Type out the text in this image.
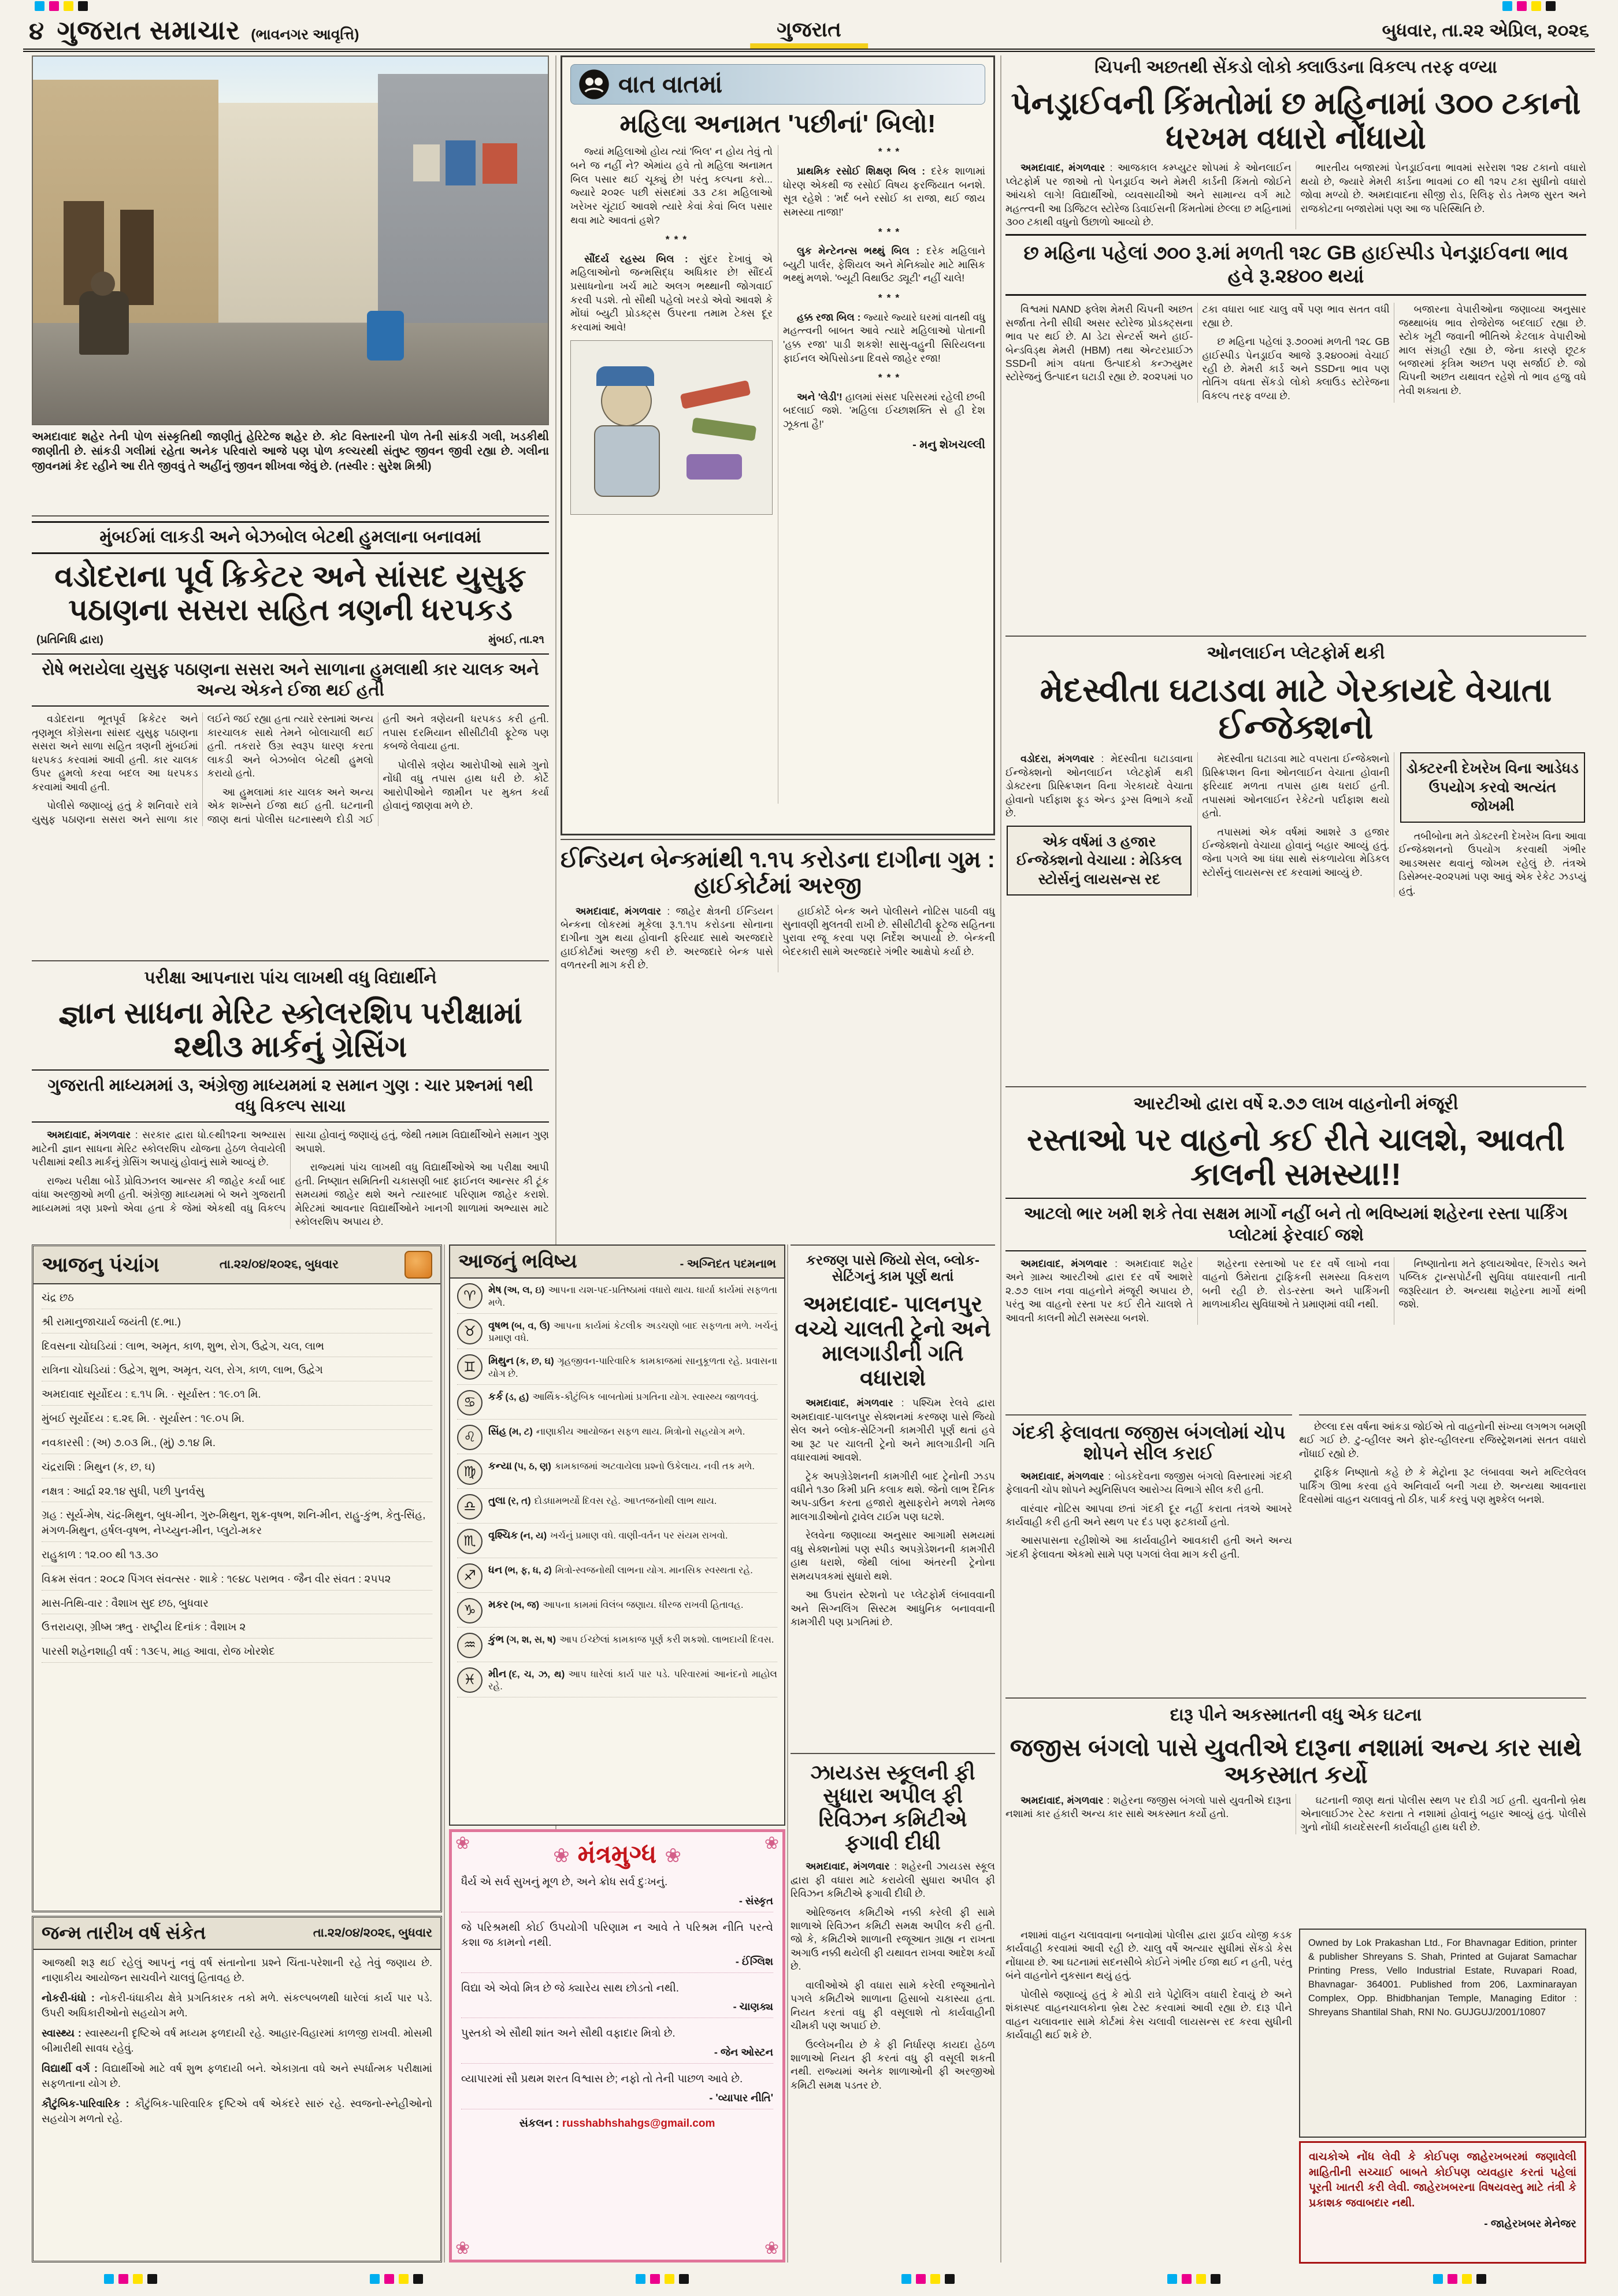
૪ ગુજરાત સમાચાર (ભાવનગર આવૃત્તિ)	ગુજરાત	બુધવાર, તા.૨૨ એપ્રિલ, ૨૦૨૬
અમદાવાદ શહેર તેની પોળ સંસ્કૃતિથી જાણીતું હેરિટેજ શહેર છે. કોટ વિસ્તારની પોળ તેની સાંકડી ગલી, ખડકીથી જાણીતી છે. સાંકડી ગલીમાં રહેતા અનેક પરિવારો આજે પણ પોળ કલ્ચરથી સંતુષ્ટ જીવન જીવી રહ્યા છે. ગલીના જીવનમાં કેદ રહીને આ રીતે જીવવું તે અહીંનું જીવન શીખવા જેવું છે. (તસ્વીર : સુરેશ મિશ્રી)
વાત વાતમાં
મહિલા અનામત 'પછીનાં' બિલો!

જ્યાં મહિલાઓ હોય ત્યાં 'બિલ' ન હોય તેવું તો બને જ નહીં ને? એમાંય હવે તો મહિલા અનામત બિલ પસાર થઈ ચૂક્યું છે! પરંતુ કલ્પના કરો... જ્યારે ૨૦૨૯ પછી સંસદમાં ૩૩ ટકા મહિલાઓ ખરેખર ચૂંટાઈ આવશે ત્યારે કેવાં કેવાં બિલ પસાર થવા માટે આવતાં હશે?

***

સૌંદર્ય રહસ્ય બિલ : સુંદર દેખાવું એ મહિલાઓનો જન્મસિદ્ધ અધિકાર છે! સૌંદર્ય પ્રસાધનોના ખર્ચ માટે અલગ ભથ્થાની જોગવાઈ કરવી પડશે. તો સૌથી પહેલો ખરડો એવો આવશે કે મોંઘાં બ્યુટી પ્રોડક્ટ્સ ઉપરના તમામ ટેક્સ દૂર કરવામાં આવે!

***

પ્રાથમિક રસોઈ શિક્ષણ બિલ : દરેક શાળામાં ધોરણ એકથી જ રસોઈ વિષય ફરજિયાત બનશે. સૂત્ર રહેશે : 'મર્દ બને રસોઈ કા રાજા, થઈ જાય સમસ્યા તાજા!'

***

લુક મેન્ટેનન્સ ભથ્થું બિલ : દરેક મહિલાને બ્યુટી પાર્લર, ફેશિયલ અને મેનિક્યોર માટે માસિક ભથ્થું મળશે. 'બ્યૂટી વિથાઉટ ડ્યૂટી' નહીં ચાલે!

***

હક્ક રજા બિલ : જ્યારે જ્યારે ઘરમાં વાતથી વધુ મહત્ત્વની બાબત આવે ત્યારે મહિલાઓ પોતાની 'હક્ક રજા' પાડી શકશે! સાસુ-વહુની સિરિયલના ફાઈનલ એપિસોડના દિવસે જાહેર રજા!

***

અને 'લેડી'! હાલમાં સંસદ પરિસરમાં રહેલી છબી બદલાઈ જશે. 'મહિલા ઈચ્છાશક્તિ સે હી દેશ ઝૂકતા હૈ!'

- મનુ શેખચલ્લી

ચિપની અછતથી સેંકડો લોકો ક્લાઉડના વિકલ્પ તરફ વળ્યા
પેનડ્રાઈવની કિંમતોમાં છ મહિનામાં ૩૦૦ ટકાનો ધરખમ વધારો નોંધાયો

અમદાવાદ, મંગળવાર : આજકાલ કમ્પ્યુટર શોપમાં કે ઓનલાઈન પ્લેટફોર્મ પર જાઓ તો પેનડ્રાઈવ અને મેમરી કાર્ડની કિંમતો જોઈને આંચકો લાગે! વિદ્યાર્થીઓ, વ્યવસાયીઓ અને સામાન્ય વર્ગ માટે મહત્ત્વની આ ડિજિટલ સ્ટોરેજ ડિવાઈસની કિંમતોમાં છેલ્લા છ મહિનામાં ૩૦૦ ટકાથી વધુનો ઉછાળો આવ્યો છે.

ભારતીય બજારમાં પેનડ્રાઈવના ભાવમાં સરેરાશ ૧૨૪ ટકાનો વધારો થયો છે, જ્યારે મેમરી કાર્ડના ભાવમાં ૮૦ થી ૧૨૫ ટકા સુધીનો વધારો જોવા મળ્યો છે. અમદાવાદના સીજી રોડ, રિલિફ રોડ તેમજ સુરત અને રાજકોટના બજારોમાં પણ આ જ પરિસ્થિતિ છે.

છ મહિના પહેલાં ૭૦૦ રૂ.માં મળતી ૧૨૮ GB હાઈસ્પીડ પેનડ્રાઈવના ભાવ હવે રૂ.૨૪૦૦ થયાં

વિશ્વમાં NAND ફ્લેશ મેમરી ચિપની અછત સર્જાતા તેની સીધી અસર સ્ટોરેજ પ્રોડક્ટ્સના ભાવ પર થઈ છે. AI ડેટા સેન્ટર્સ અને હાઈ-બેન્ડવિડ્થ મેમરી (HBM) તથા એન્ટરપ્રાઈઝ SSDની માંગ વધતા ઉત્પાદકો કન્ઝ્યુમર સ્ટોરેજનું ઉત્પાદન ઘટાડી રહ્યા છે. ૨૦૨૫માં ૫૦ ટકા વધારા બાદ ચાલુ વર્ષે પણ ભાવ સતત વધી રહ્યા છે.

છ મહિના પહેલાં રૂ.૭૦૦માં મળતી ૧૨૮ GB હાઈસ્પીડ પેનડ્રાઈવ આજે રૂ.૨૪૦૦માં વેચાઈ રહી છે. મેમરી કાર્ડ અને SSDના ભાવ પણ તોતિંગ વધતા સેંકડો લોકો ક્લાઉડ સ્ટોરેજના વિકલ્પ તરફ વળ્યા છે.

બજારના વેપારીઓના જણાવ્યા અનુસાર જથ્થાબંધ ભાવ રોજેરોજ બદલાઈ રહ્યા છે. સ્ટોક ખૂટી જવાની ભીતિએ કેટલાક વેપારીઓ માલ સંગ્રહી રહ્યા છે, જેના કારણે છૂટક બજારમાં કૃત્રિમ અછત પણ સર્જાઈ છે. જો ચિપની અછત યથાવત રહેશે તો ભાવ હજુ વધે તેવી શક્યતા છે.

મુંબઈમાં લાકડી અને બેઝબોલ બેટથી હુમલાના બનાવમાં
વડોદરાના પૂર્વ ક્રિકેટર અને સાંસદ યુસુફ પઠાણના સસરા સહિત ત્રણની ધરપકડ
(પ્રતિનિધિ દ્વારા)	મુંબઈ, તા.૨૧
રોષે ભરાયેલા યુસુફ પઠાણના સસરા અને સાળાના હુમલાથી કાર ચાલક અને અન્ય એકને ઈજા થઈ હતી

વડોદરાના ભૂતપૂર્વ ક્રિકેટર અને તૃણમૂલ કોંગ્રેસના સાંસદ યુસુફ પઠાણના સસરા અને સાળા સહિત ત્રણની મુંબઈમાં ધરપકડ કરવામાં આવી હતી. કાર ચાલક ઉપર હુમલો કરવા બદલ આ ધરપકડ કરવામાં આવી હતી.

પોલીસે જણાવ્યું હતું કે શનિવારે રાત્રે યુસુફ પઠાણના સસરા અને સાળા કાર લઈને જઈ રહ્યા હતા ત્યારે રસ્તામાં અન્ય કારચાલક સાથે તેમને બોલાચાલી થઈ હતી. તકરારે ઉગ્ર સ્વરૂપ ધારણ કરતા લાકડી અને બેઝબોલ બેટથી હુમલો કરાયો હતો.

આ હુમલામાં કાર ચાલક અને અન્ય એક શખ્સને ઈજા થઈ હતી. ઘટનાની જાણ થતાં પોલીસ ઘટનાસ્થળે દોડી ગઈ હતી અને ત્રણેયની ધરપકડ કરી હતી. તપાસ દરમિયાન સીસીટીવી ફૂટેજ પણ કબજે લેવાયા હતા.

પોલીસે ત્રણેય આરોપીઓ સામે ગુનો નોંધી વધુ તપાસ હાથ ધરી છે. કોર્ટે આરોપીઓને જામીન પર મુક્ત કર્યા હોવાનું જાણવા મળે છે.

ઓનલાઈન પ્લેટફોર્મ થકી
મેદસ્વીતા ઘટાડવા માટે ગેરકાયદે વેચાતા ઈન્જેક્શનો

વડોદરા, મંગળવાર : મેદસ્વીતા ઘટાડવાના ઈન્જેક્શનો ઓનલાઈન પ્લેટફોર્મ થકી ડોક્ટરના પ્રિસ્ક્રિપ્શન વિના ગેરકાયદે વેચાતા હોવાનો પર્દાફાશ ફૂડ એન્ડ ડ્રગ્સ વિભાગે કર્યો છે.

એક વર્ષમાં ૩ હજાર ઈન્જેક્શનો વેચાયા : મેડિકલ સ્ટોર્સનું લાયસન્સ રદ

મેદસ્વીતા ઘટાડવા માટે વપરાતા ઈન્જેક્શનો પ્રિસ્ક્રિપ્શન વિના ઓનલાઈન વેચાતા હોવાની ફરિયાદ મળતા તપાસ હાથ ધરાઈ હતી. તપાસમાં ઓનલાઈન રેકેટનો પર્દાફાશ થયો હતો.

તપાસમાં એક વર્ષમાં આશરે ૩ હજાર ઈન્જેક્શનો વેચાયા હોવાનું બહાર આવ્યું હતું. જેના પગલે આ ધંધા સાથે સંકળાયેલા મેડિકલ સ્ટોર્સનું લાયસન્સ રદ કરવામાં આવ્યું છે.

ડોક્ટરની દેખરેખ વિના આડેધડ ઉપયોગ કરવો અત્યંત જોખમી

તબીબોના મતે ડોક્ટરની દેખરેખ વિના આવા ઈન્જેક્શનનો ઉપયોગ કરવાથી ગંભીર આડઅસર થવાનું જોખમ રહેલું છે. તંત્રએ ડિસેમ્બર-૨૦૨૫માં પણ આવું એક રેકેટ ઝડપ્યું હતું.

ઈન્ડિયન બેન્કમાંથી ૧.૧૫ કરોડના દાગીના ગુમ : હાઈકોર્ટમાં અરજી

અમદાવાદ, મંગળવાર : જાહેર ક્ષેત્રની ઈન્ડિયન બેન્કના લોકરમાં મૂકેલા રૂ.૧.૧૫ કરોડના સોનાના દાગીના ગુમ થયા હોવાની ફરિયાદ સાથે અરજદારે હાઈકોર્ટમાં અરજી કરી છે. અરજદારે બેન્ક પાસે વળતરની માગ કરી છે.

હાઈકોર્ટે બેન્ક અને પોલીસને નોટિસ પાઠવી વધુ સુનાવણી મુલતવી રાખી છે. સીસીટીવી ફૂટેજ સહિતના પુરાવા રજૂ કરવા પણ નિર્દેશ અપાયો છે. બેન્કની બેદરકારી સામે અરજદારે ગંભીર આક્ષેપો કર્યા છે.

પરીક્ષા આપનારા પાંચ લાખથી વધુ વિદ્યાર્થીને
જ્ઞાન સાધના મેરિટ સ્કોલરશિપ પરીક્ષામાં ૨થી૩ માર્કનું ગ્રેસિંગ
ગુજરાતી માધ્યમમાં ૩, અંગ્રેજી માધ્યમમાં ૨ સમાન ગુણ : ચાર પ્રશ્નમાં ૧થી વધુ વિકલ્પ સાચા

અમદાવાદ, મંગળવાર : સરકાર દ્વારા ધો.૯થી૧૨ના અભ્યાસ માટેની જ્ઞાન સાધના મેરિટ સ્કોલરશિપ યોજના હેઠળ લેવાયેલી પરીક્ષામાં ૨થી૩ માર્કનું ગ્રેસિંગ અપાયું હોવાનું સામે આવ્યું છે.

રાજ્ય પરીક્ષા બોર્ડે પ્રોવિઝનલ આન્સર કી જાહેર કર્યા બાદ વાંધા અરજીઓ મળી હતી. અંગ્રેજી માધ્યમમાં બે અને ગુજરાતી માધ્યમમાં ત્રણ પ્રશ્નો એવા હતા કે જેમાં એકથી વધુ વિકલ્પ સાચા હોવાનું જણાયું હતું, જેથી તમામ વિદ્યાર્થીઓને સમાન ગુણ અપાશે.

રાજ્યમાં પાંચ લાખથી વધુ વિદ્યાર્થીઓએ આ પરીક્ષા આપી હતી. નિષ્ણાત સમિતિની ચકાસણી બાદ ફાઈનલ આન્સર કી ટૂંક સમયમાં જાહેર થશે અને ત્યારબાદ પરિણામ જાહેર કરાશે. મેરિટમાં આવનાર વિદ્યાર્થીઓને ખાનગી શાળામાં અભ્યાસ માટે સ્કોલરશિપ અપાય છે.

આરટીઓ દ્વારા વર્ષે ૨.૭૭ લાખ વાહનોની મંજૂરી
રસ્તાઓ પર વાહનો કઈ રીતે ચાલશે, આવતી કાલની સમસ્યા!!
આટલો ભાર ખમી શકે તેવા સક્ષમ માર્ગો નહીં બને તો ભવિષ્યમાં શહેરના રસ્તા પાર્કિંગ પ્લોટમાં ફેરવાઈ જશે

અમદાવાદ, મંગળવાર : અમદાવાદ શહેર અને ગ્રામ્ય આરટીઓ દ્વારા દર વર્ષે આશરે ૨.૭૭ લાખ નવા વાહનોને મંજૂરી અપાય છે, પરંતુ આ વાહનો રસ્તા પર કઈ રીતે ચાલશે તે આવતી કાલની મોટી સમસ્યા બનશે.

શહેરના રસ્તાઓ પર દર વર્ષે લાખો નવા વાહનો ઉમેરાતા ટ્રાફિકની સમસ્યા વિકરાળ બની રહી છે. રોડ-રસ્તા અને પાર્કિંગની માળખાકીય સુવિધાઓ તે પ્રમાણમાં વધી નથી.

નિષ્ણાતોના મતે ફ્લાયઓવર, રિંગરોડ અને પબ્લિક ટ્રાન્સપોર્ટની સુવિધા વધારવાની તાતી જરૂરિયાત છે. અન્યથા શહેરના માર્ગો થંભી જશે.

ગંદકી ફેલાવતા જજીસ બંગલોમાં ચોપ શોપને સીલ કરાઈ

અમદાવાદ, મંગળવાર : બોડકદેવના જજીસ બંગલો વિસ્તારમાં ગંદકી ફેલાવતી ચોપ શોપને મ્યુનિસિપલ આરોગ્ય વિભાગે સીલ કરી હતી.

વારંવાર નોટિસ આપવા છતાં ગંદકી દૂર નહીં કરાતા તંત્રએ આખરે કાર્યવાહી કરી હતી અને સ્થળ પર દંડ પણ ફટકાર્યો હતો.

આસપાસના રહીશોએ આ કાર્યવાહીને આવકારી હતી અને અન્ય ગંદકી ફેલાવતા એકમો સામે પણ પગલાં લેવા માગ કરી હતી.

છેલ્લા દસ વર્ષના આંકડા જોઈએ તો વાહનોની સંખ્યા લગભગ બમણી થઈ ગઈ છે. ટુ-વ્હીલર અને ફોર-વ્હીલરના રજિસ્ટ્રેશનમાં સતત વધારો નોંધાઈ રહ્યો છે.

ટ્રાફિક નિષ્ણાતો કહે છે કે મેટ્રોના રૂટ લંબાવવા અને મલ્ટિલેવલ પાર્કિંગ ઊભા કરવા હવે અનિવાર્ય બની ગયા છે. અન્યથા આવનારા દિવસોમાં વાહન ચલાવવું તો ઠીક, પાર્ક કરવું પણ મુશ્કેલ બનશે.

આજનુ પંચાંગ	તા.૨૨/૦૪/૨૦૨૬, બુધવાર
ચંદ્ર છઠ
શ્રી રામાનુજાચાર્ય જયંતી (દ.ભા.)
દિવસના ચોઘડિયાં : લાભ, અમૃત, કાળ, શુભ, રોગ, ઉદ્વેગ, ચલ, લાભ
રાત્રિના ચોઘડિયાં : ઉદ્વેગ, શુભ, અમૃત, ચલ, રોગ, કાળ, લાભ, ઉદ્વેગ
અમદાવાદ સૂર્યોદય : ૬.૧૫ મિ. · સૂર્યાસ્ત : ૧૯.૦૧ મિ.
મુંબઈ સૂર્યોદય : ૬.૨૬ મિ. · સૂર્યાસ્ત : ૧૯.૦૫ મિ.
નવકારસી : (અ) ૭.૦૩ મિ., (મું) ૭.૧૪ મિ.
ચંદ્રરાશિ : મિથુન (ક, છ, ઘ)
નક્ષત્ર : આર્દ્રા ૨૨.૧૪ સુધી, પછી પુનર્વસુ
ગ્રહ : સૂર્ય-મેષ, ચંદ્ર-મિથુન, બુધ-મીન, ગુરુ-મિથુન, શુક્ર-વૃષભ, શનિ-મીન, રાહુ-કુંભ, કેતુ-સિંહ, મંગળ-મિથુન, હર્ષલ-વૃષભ, નેપ્ચ્યુન-મીન, પ્લુટો-મકર
રાહુકાળ : ૧૨.૦૦ થી ૧૩.૩૦
વિક્રમ સંવત : ૨૦૮૨ પિંગલ સંવત્સર · શાકે : ૧૯૪૮ પરાભવ · જૈન વીર સંવત : ૨૫૫૨
માસ-તિથિ-વાર : વૈશાખ સુદ છઠ, બુધવાર
ઉત્તરાયણ, ગ્રીષ્મ ઋતુ · રાષ્ટ્રીય દિનાંક : વૈશાખ ૨
પારસી શહેનશાહી વર્ષ : ૧૩૯૫, માહ આવા, રોજ ખોરશેદ
જન્મ તારીખ વર્ષ સંકેત	તા.૨૨/૦૪/૨૦૨૬, બુધવાર

આજથી શરૂ થઈ રહેલું આપનું નવું વર્ષ સંતાનોના પ્રશ્ને ચિંતા-પરેશાની રહે તેવું જણાય છે. નાણાકીય આયોજન સાચવીને ચાલવું હિતાવહ છે.

નોકરી-ધંધો : નોકરી-ધંધાકીય ક્ષેત્રે પ્રગતિકારક તકો મળે. સંકલ્પબળથી ધારેલાં કાર્ય પાર પડે. ઉપરી અધિકારીઓનો સહયોગ મળે.

સ્વાસ્થ્ય : સ્વાસ્થ્યની દૃષ્ટિએ વર્ષ મધ્યમ ફળદાયી રહે. આહાર-વિહારમાં કાળજી રાખવી. મોસમી બીમારીથી સાવધ રહેવું.

વિદ્યાર્થી વર્ગ : વિદ્યાર્થીઓ માટે વર્ષ શુભ ફળદાયી બને. એકાગ્રતા વધે અને સ્પર્ધાત્મક પરીક્ષામાં સફળતાના યોગ છે.

કૌટુંબિક-પારિવારિક : કૌટુંબિક-પારિવારિક દૃષ્ટિએ વર્ષ એકંદરે સારું રહે. સ્વજનો-સ્નેહીઓનો સહયોગ મળતો રહે.

આજનું ભવિષ્ય	- અગ્નિદત પદમનાભ
♈	મેષ (અ, લ, ઇ) આપના યશ-પદ-પ્રતિષ્ઠામાં વધારો થાય. ધાર્યા કાર્યમાં સફળતા મળે.
♉	વૃષભ (બ, વ, ઉ) આપના કાર્યમાં કેટલીક અડચણો બાદ સફળતા મળે. ખર્ચનું પ્રમાણ વધે.
♊	મિથુન (ક, છ, ઘ) ગૃહજીવન-પારિવારિક કામકાજમાં સાનુકૂળતા રહે. પ્રવાસના યોગ છે.
♋	કર્ક (ડ, હ) આર્થિક-કૌટુંબિક બાબતોમાં પ્રગતિના યોગ. સ્વાસ્થ્ય જાળવવું.
♌	સિંહ (મ, ટ) નાણાકીય આયોજન સફળ થાય. મિત્રોનો સહયોગ મળે.
♍	કન્યા (પ, ઠ, ણ) કામકાજમાં અટવાયેલા પ્રશ્નો ઉકેલાય. નવી તક મળે.
♎	તુલા (ર, ત) દોડધામભર્યો દિવસ રહે. આપ્તજનોથી લાભ થાય.
♏	વૃશ્ચિક (ન, ય) ખર્ચનું પ્રમાણ વધે. વાણી-વર્તન પર સંયમ રાખવો.
♐	ધન (ભ, ફ, ધ, ઢ) મિત્રો-સ્વજનોથી લાભના યોગ. માનસિક સ્વસ્થતા રહે.
♑	મકર (ખ, જ) આપના કામમાં વિલંબ જણાય. ધીરજ રાખવી હિતાવહ.
♒	કુંભ (ગ, શ, સ, ષ) આપ ઈચ્છેલાં કામકાજ પૂર્ણ કરી શકશો. લાભદાયી દિવસ.
♓	મીન (દ, ચ, ઝ, થ) આપ ધારેલાં કાર્ય પાર પડે. પરિવારમાં આનંદનો માહોલ રહે.
❀	❀
❀	❀
❀ મંત્રમુગ્ધ ❀
ધૈર્ય એ સર્વ સુખનું મૂળ છે, અને ક્રોધ સર્વ દુઃખનું.
- સંસ્કૃત
જે પરિશ્રમથી કોઈ ઉપયોગી પરિણામ ન આવે તે પરિશ્રમ નીતિ પરત્વે કશા જ કામનો નથી.
- ઈંગ્લિશ
વિદ્યા એ એવો મિત્ર છે જે ક્યારેય સાથ છોડતો નથી.
- ચાણક્ય
પુસ્તકો એ સૌથી શાંત અને સૌથી વફાદાર મિત્રો છે.
- જેન ઓસ્ટન
વ્યાપારમાં સૌ પ્રથમ શરત વિશ્વાસ છે; નફો તો તેની પાછળ આવે છે.
- 'વ્યાપાર નીતિ'
સંકલન : russhabhshahgs@gmail.com
કરજણ પાસે જિયો સેલ, બ્લોક-સેટિંગનું કામ પૂર્ણ થતાં
અમદાવાદ- પાલનપુર વચ્ચે ચાલતી ટ્રેનો અને માલગાડીની ગતિ વધારાશે

અમદાવાદ, મંગળવાર : પશ્ચિમ રેલવે દ્વારા અમદાવાદ-પાલનપુર સેક્શનમાં કરજણ પાસે જિયો સેલ અને બ્લોક-સેટિંગની કામગીરી પૂર્ણ થતાં હવે આ રૂટ પર ચાલતી ટ્રેનો અને માલગાડીની ગતિ વધારવામાં આવશે.

ટ્રેક અપગ્રેડેશનની કામગીરી બાદ ટ્રેનોની ઝડપ વધીને ૧૩૦ કિમી પ્રતિ કલાક થશે. જેનો લાભ દૈનિક અપ-ડાઉન કરતા હજારો મુસાફરોને મળશે તેમજ માલગાડીઓનો ટ્રાવેલ ટાઈમ પણ ઘટશે.

રેલવેના જણાવ્યા અનુસાર આગામી સમયમાં વધુ સેક્શનોમાં પણ સ્પીડ અપગ્રેડેશનની કામગીરી હાથ ધરાશે, જેથી લાંબા અંતરની ટ્રેનોના સમયપત્રકમાં સુધારો થશે.

આ ઉપરાંત સ્ટેશનો પર પ્લેટફોર્મ લંબાવવાની અને સિગ્નલિંગ સિસ્ટમ આધુનિક બનાવવાની કામગીરી પણ પ્રગતિમાં છે.

ઝાયડસ સ્કૂલની ફી સુધારા અપીલ ફી રિવિઝન કમિટીએ ફગાવી દીધી

અમદાવાદ, મંગળવાર : શહેરની ઝાયડસ સ્કૂલ દ્વારા ફી વધારા માટે કરાયેલી સુધારા અપીલ ફી રિવિઝન કમિટીએ ફગાવી દીધી છે.

ઓરિજનલ કમિટીએ નક્કી કરેલી ફી સામે શાળાએ રિવિઝન કમિટી સમક્ષ અપીલ કરી હતી. જો કે, કમિટીએ શાળાની રજૂઆત ગ્રાહ્ય ન રાખતા અગાઉ નક્કી થયેલી ફી યથાવત રાખવા આદેશ કર્યો છે.

વાલીઓએ ફી વધારા સામે કરેલી રજૂઆતોને પગલે કમિટીએ શાળાના હિસાબો ચકાસ્યા હતા. નિયત કરતાં વધુ ફી વસૂલાશે તો કાર્યવાહીની ચીમકી પણ અપાઈ છે.

ઉલ્લેખનીય છે કે ફી નિર્ધારણ કાયદા હેઠળ શાળાઓ નિયત ફી કરતાં વધુ ફી વસૂલી શકતી નથી. રાજ્યમાં અનેક શાળાઓની ફી અરજીઓ કમિટી સમક્ષ પડતર છે.

દારૂ પીને અકસ્માતની વધુ એક ઘટના
જજીસ બંગલો પાસે યુવતીએ દારૂના નશામાં અન્ય કાર સાથે અકસ્માત કર્યો

અમદાવાદ, મંગળવાર : શહેરના જજીસ બંગલો પાસે યુવતીએ દારૂના નશામાં કાર હંકારી અન્ય કાર સાથે અકસ્માત કર્યો હતો.

ઘટનાની જાણ થતાં પોલીસ સ્થળ પર દોડી ગઈ હતી. યુવતીનો બ્રેથ એનાલાઈઝર ટેસ્ટ કરાતા તે નશામાં હોવાનું બહાર આવ્યું હતું. પોલીસે ગુનો નોંધી કાયદેસરની કાર્યવાહી હાથ ધરી છે.

નશામાં વાહન ચલાવવાના બનાવોમાં પોલીસ દ્વારા ડ્રાઈવ યોજી કડક કાર્યવાહી કરવામાં આવી રહી છે. ચાલુ વર્ષે અત્યાર સુધીમાં સેંકડો કેસ નોંધાયા છે. આ ઘટનામાં સદનસીબે કોઈને ગંભીર ઈજા થઈ ન હતી, પરંતુ બંને વાહનોને નુકસાન થયું હતું.

પોલીસે જણાવ્યું હતું કે મોડી રાત્રે પેટ્રોલિંગ વધારી દેવાયું છે અને શંકાસ્પદ વાહનચાલકોના બ્રેથ ટેસ્ટ કરવામાં આવી રહ્યા છે. દારૂ પીને વાહન ચલાવનાર સામે કોર્ટમાં કેસ ચલાવી લાયસન્સ રદ કરવા સુધીની કાર્યવાહી થઈ શકે છે.

Owned by Lok Prakashan Ltd., For Bhavnagar Edition, printer & publisher Shreyans S. Shah, Printed at Gujarat Samachar Printing Press, Vello Industrial Estate, Ruvapari Road, Bhavnagar- 364001. Published from 206, Laxminarayan Complex, Opp. Bhidbhanjan Temple, Managing Editor : Shreyans Shantilal Shah, RNI No. GUJGUJ/2001/10807
વાચકોએ નોંધ લેવી કે કોઈપણ જાહેરખબરમાં જણાવેલી માહિતીની સચ્ચાઈ બાબતે કોઈપણ વ્યવહાર કરતાં પહેલાં પૂરતી ખાતરી કરી લેવી. જાહેરખબરના વિષયવસ્તુ માટે તંત્રી કે પ્રકાશક જવાબદાર નથી.
- જાહેરખબર મેનેજર
